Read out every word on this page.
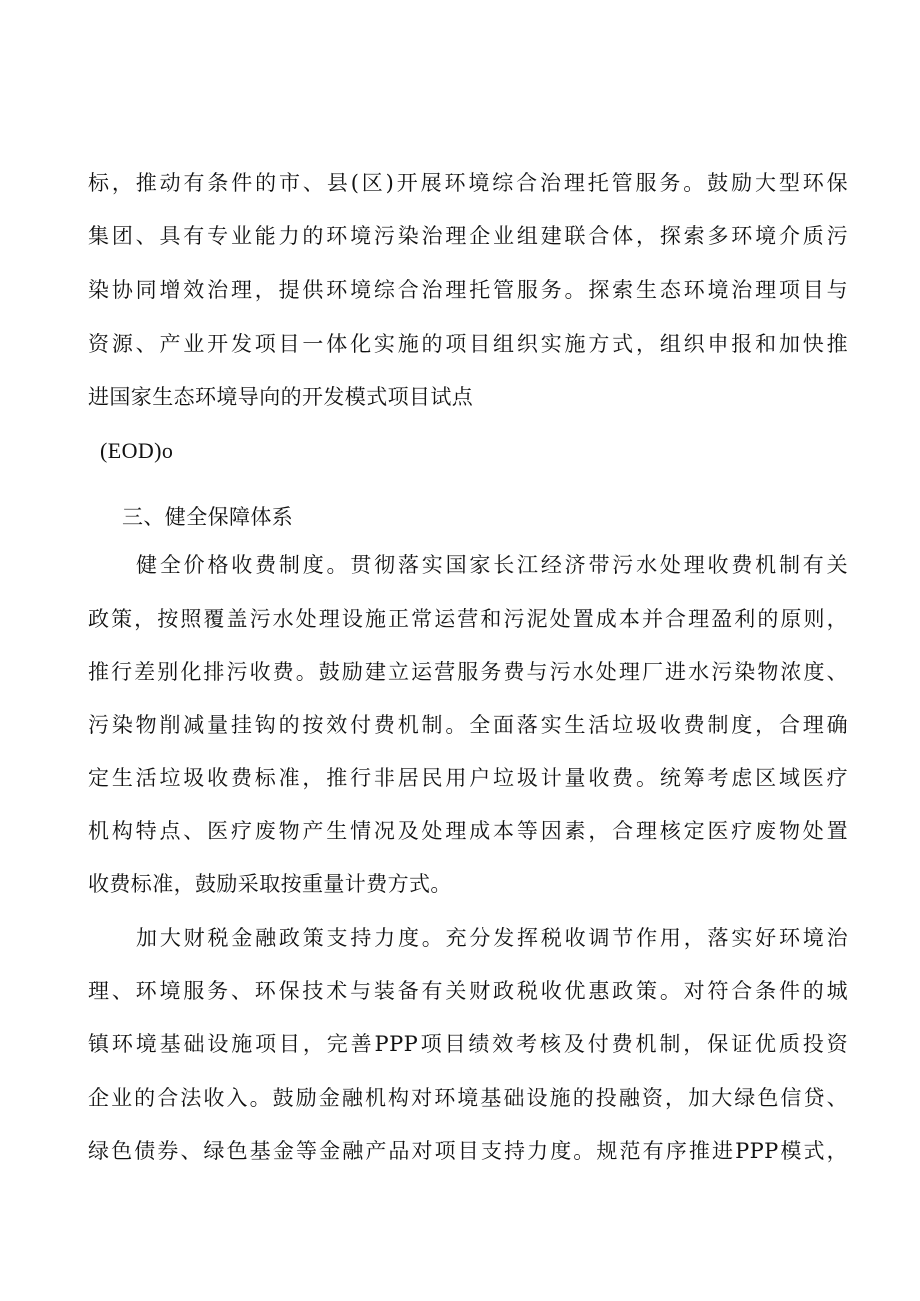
标，推动有条件的市、县(区)开展环境综合治理托管服务。鼓励大型环保
集团、具有专业能力的环境污染治理企业组建联合体，探索多环境介质污
染协同增效治理，提供环境综合治理托管服务。探索生态环境治理项目与
资源、产业开发项目一体化实施的项目组织实施方式，组织申报和加快推
进国家生态环境导向的开发模式项目试点
(EOD)o
三、健全保障体系
健全价格收费制度。贯彻落实国家长江经济带污水处理收费机制有关
政策，按照覆盖污水处理设施正常运营和污泥处置成本并合理盈利的原则，
推行差别化排污收费。鼓励建立运营服务费与污水处理厂进水污染物浓度、
污染物削减量挂钩的按效付费机制。全面落实生活垃圾收费制度，合理确
定生活垃圾收费标准，推行非居民用户垃圾计量收费。统筹考虑区域医疗
机构特点、医疗废物产生情况及处理成本等因素，合理核定医疗废物处置
收费标准，鼓励采取按重量计费方式。
加大财税金融政策支持力度。充分发挥税收调节作用，落实好环境治
理、环境服务、环保技术与装备有关财政税收优惠政策。对符合条件的城
镇环境基础设施项目，完善PPP项目绩效考核及付费机制，保证优质投资
企业的合法收入。鼓励金融机构对环境基础设施的投融资，加大绿色信贷、
绿色债券、绿色基金等金融产品对项目支持力度。规范有序推进PPP模式，
